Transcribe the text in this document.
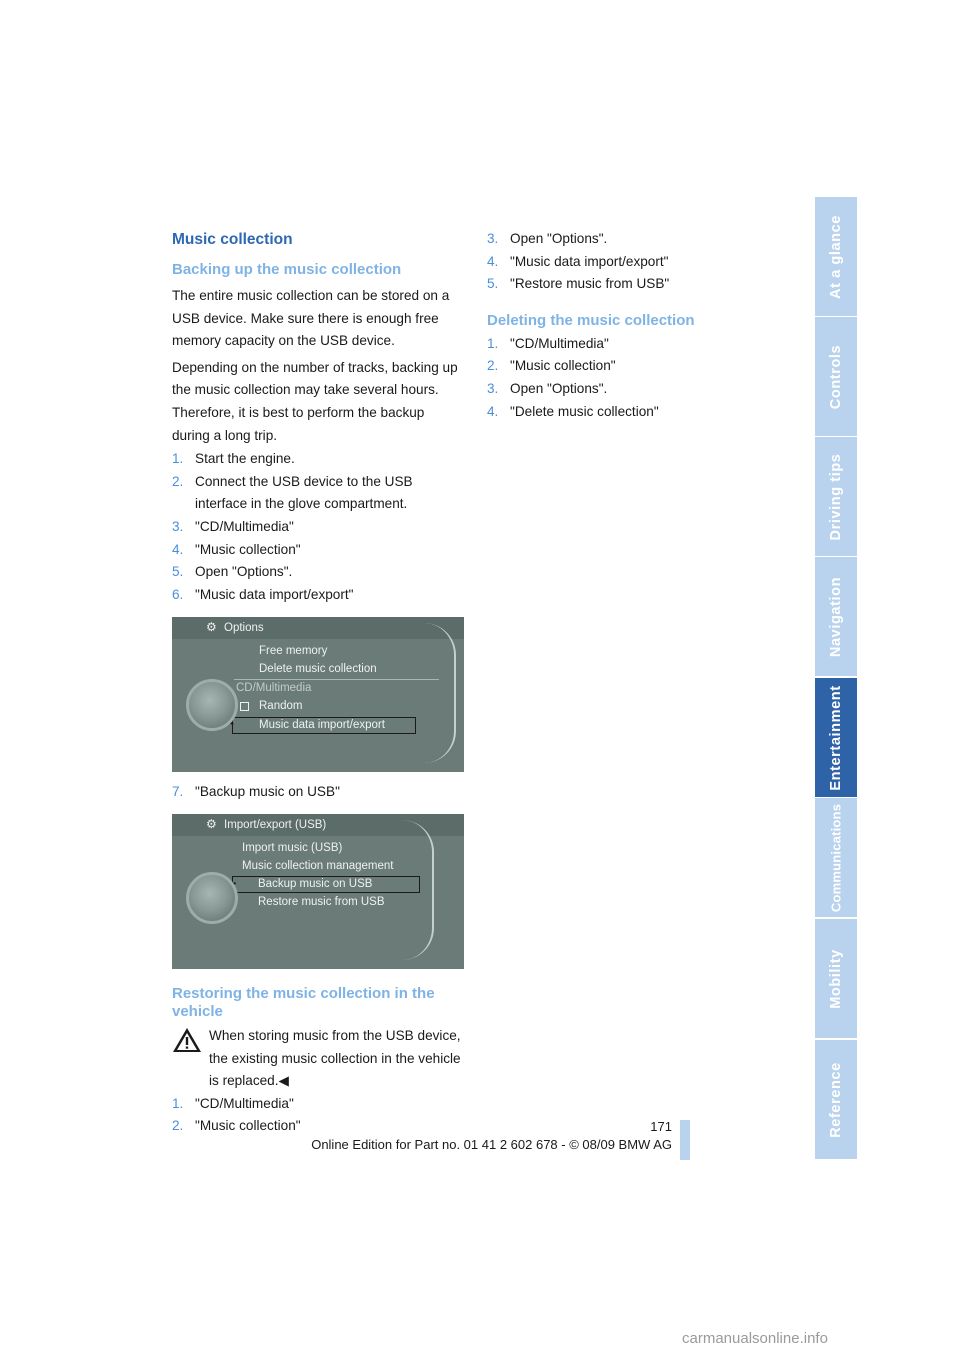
Music collection
Backing up the music collection

The entire music collection can be stored on a USB device. Make sure there is enough free memory capacity on the USB device.

Depending on the number of tracks, backing up the music collection may take several hours. Therefore, it is best to perform the backup during a long trip.

1. Start the engine.
2. Connect the USB device to the USB interface in the glove compartment.
3. "CD/Multimedia"
4. "Music collection"
5. Open "Options".
6. "Music data import/export"
⚙ Options
Free memory
Delete music collection
CD/Multimedia
Random
Music data import/export
7. "Backup music on USB"
⚙ Import/export (USB)
Import music (USB)
Music collection management
Backup music on USB
Restore music from USB
Restoring the music collection in the vehicle

When storing music from the USB device, the existing music collection in the vehicle is replaced.◀

1. "CD/Multimedia"
2. "Music collection"
3. Open "Options".
4. "Music data import/export"
5. "Restore music from USB"
Deleting the music collection
1. "CD/Multimedia"
2. "Music collection"
3. Open "Options".
4. "Delete music collection"
At a glance
Controls
Driving tips
Navigation
Entertainment
Communications
Mobility
Reference
171
Online Edition for Part no. 01 41 2 602 678 - © 08/09 BMW AG
carmanualsonline.info
